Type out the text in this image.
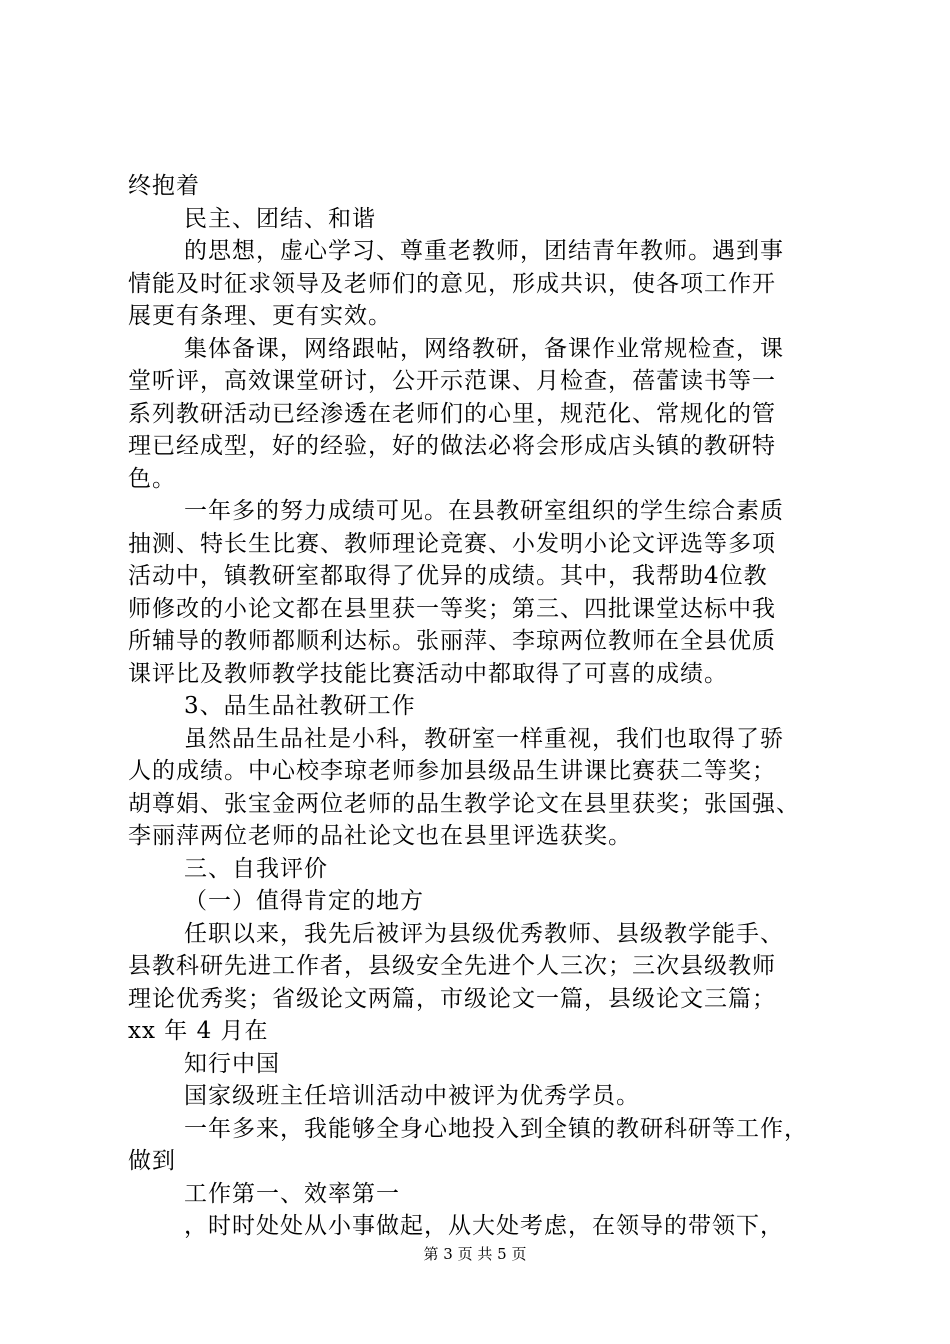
终抱着
民主、团结、和谐
的思想，虚心学习、尊重老教师，团结青年教师。遇到事
情能及时征求领导及老师们的意见，形成共识，使各项工作开
展更有条理、更有实效。
集体备课，网络跟帖，网络教研，备课作业常规检查，课
堂听评，高效课堂研讨，公开示范课、月检查，蓓蕾读书等一
系列教研活动已经渗透在老师们的心里，规范化、常规化的管
理已经成型，好的经验，好的做法必将会形成店头镇的教研特
色。
一年多的努力成绩可见。在县教研室组织的学生综合素质
抽测、特长生比赛、教师理论竞赛、小发明小论文评选等多项
活动中，镇教研室都取得了优异的成绩。其中，我帮助4位教
师修改的小论文都在县里获一等奖；第三、四批课堂达标中我
所辅导的教师都顺利达标。张丽萍、李琼两位教师在全县优质
课评比及教师教学技能比赛活动中都取得了可喜的成绩。
3、品生品社教研工作
虽然品生品社是小科，教研室一样重视，我们也取得了骄
人的成绩。中心校李琼老师参加县级品生讲课比赛获二等奖；
胡尊娟、张宝金两位老师的品生教学论文在县里获奖；张国强、
李丽萍两位老师的品社论文也在县里评选获奖。
三、自我评价
（一）值得肯定的地方
任职以来，我先后被评为县级优秀教师、县级教学能手、
县教科研先进工作者，县级安全先进个人三次；三次县级教师
理论优秀奖；省级论文两篇，市级论文一篇，县级论文三篇；
xx 年 4 月在
知行中国
国家级班主任培训活动中被评为优秀学员。
一年多来，我能够全身心地投入到全镇的教研科研等工作，
做到
工作第一、效率第一
，时时处处从小事做起，从大处考虑，在领导的带领下，
第 3 页 共 5 页
